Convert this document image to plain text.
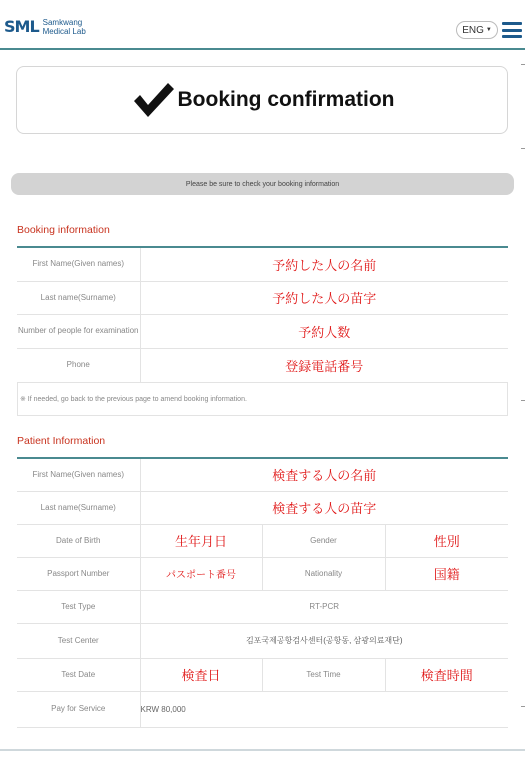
SML Samkwang
Medical Lab	ENG ▼
Booking confirmation
Please be sure to check your booking information
Booking information
First Name(Given names)	予約した人の名前
Last name(Surname)	予約した人の苗字
Number of people for examination	予約人数
Phone	登録電話番号
※ If needed, go back to the previous page to amend booking information.
Patient Information
First Name(Given names)	検査する人の名前		
Last name(Surname)	検査する人の苗字		
Date of Birth	生年月日	Gender	性別
Passport Number	パスポート番号	Nationality	国籍
Test Type	RT-PCR		
Test Center	김포국제공항검사센터(공항동, 삼광의료재단)		
Test Date	検査日	Test Time	検査時間
Pay for Service	KRW 80,000		
